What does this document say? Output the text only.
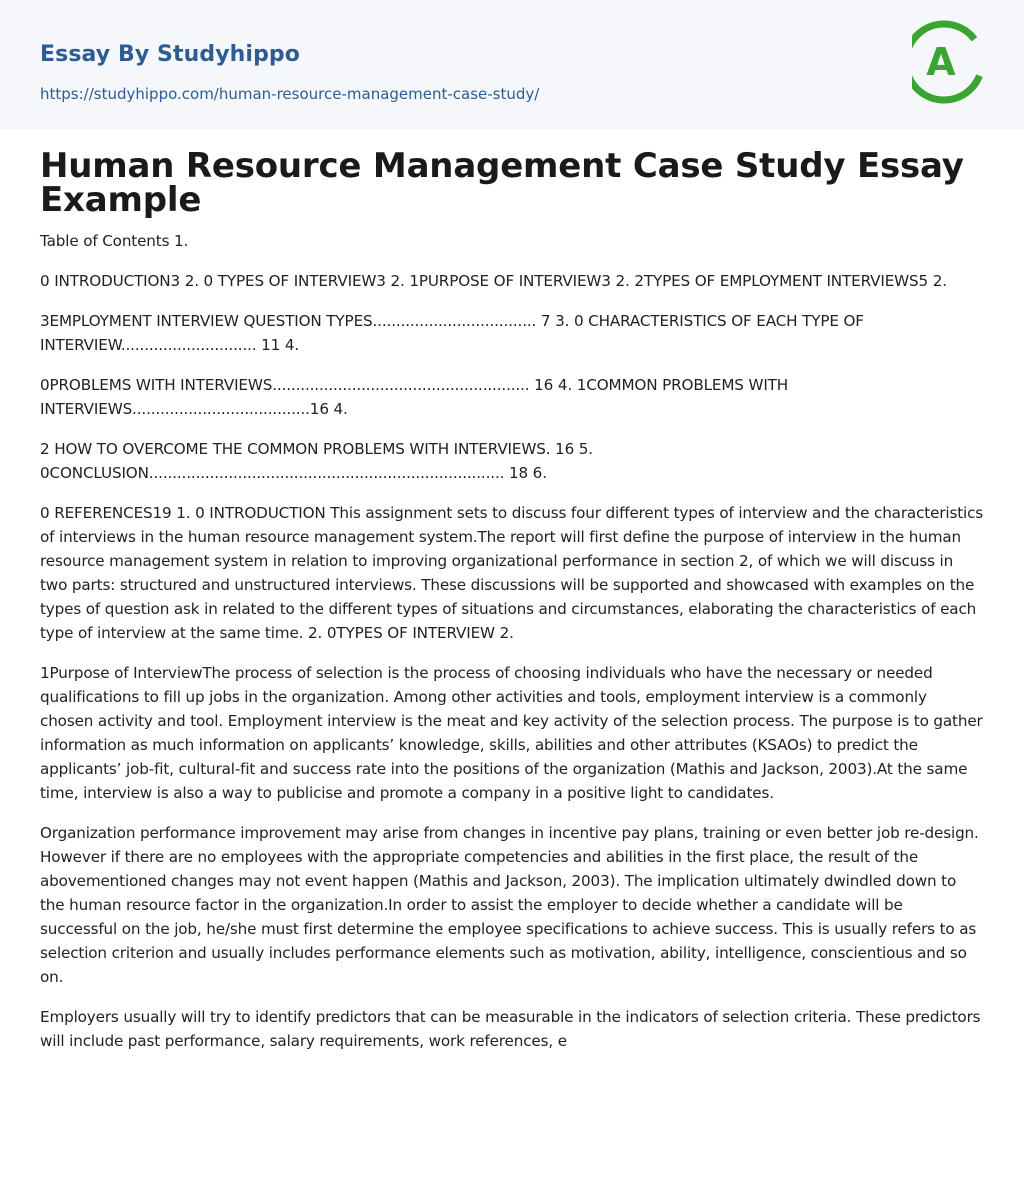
Essay By Studyhippo
https://studyhippo.com/human-resource-management-case-study/
A
Human Resource Management Case Study Essay Example

Table of Contents 1.

0 INTRODUCTION3 2. 0 TYPES OF INTERVIEW3 2. 1PURPOSE OF INTERVIEW3 2. 2TYPES OF EMPLOYMENT INTERVIEWS5 2.

3EMPLOYMENT INTERVIEW QUESTION TYPES................................... 7 3. 0 CHARACTERISTICS OF EACH TYPE OF INTERVIEW............................. 11 4.

0PROBLEMS WITH INTERVIEWS....................................................... 16 4. 1COMMON PROBLEMS WITH INTERVIEWS......................................16 4.

2 HOW TO OVERCOME THE COMMON PROBLEMS WITH INTERVIEWS. 16 5. 0CONCLUSION............................................................................ 18 6.

0 REFERENCES19 1. 0 INTRODUCTION This assignment sets to discuss four different types of interview and the characteristics of interviews in the human resource management system.The report will first define the purpose of interview in the human resource management system in relation to improving organizational performance in section 2, of which we will discuss in two parts: structured and unstructured interviews. These discussions will be supported and showcased with examples on the types of question ask in related to the different types of situations and circumstances, elaborating the characteristics of each type of interview at the same time. 2. 0TYPES OF INTERVIEW 2.

1Purpose of InterviewThe process of selection is the process of choosing individuals who have the necessary or needed qualifications to fill up jobs in the organization. Among other activities and tools, employment interview is a commonly chosen activity and tool. Employment interview is the meat and key activity of the selection process. The purpose is to gather information as much information on applicants’ knowledge, skills, abilities and other attributes (KSAOs) to predict the applicants’ job-fit, cultural-fit and success rate into the positions of the organization (Mathis and Jackson, 2003).At the same time, interview is also a way to publicise and promote a company in a positive light to candidates.

Organization performance improvement may arise from changes in incentive pay plans, training or even better job re-design. However if there are no employees with the appropriate competencies and abilities in the first place, the result of the abovementioned changes may not event happen (Mathis and Jackson, 2003). The implication ultimately dwindled down to the human resource factor in the organization.In order to assist the employer to decide whether a candidate will be successful on the job, he/she must first determine the employee specifications to achieve success. This is usually refers to as selection criterion and usually includes performance elements such as motivation, ability, intelligence, conscientious and so on.

Employers usually will try to identify predictors that can be measurable in the indicators of selection criteria. These predictors will include past performance, salary requirements, work references, e
